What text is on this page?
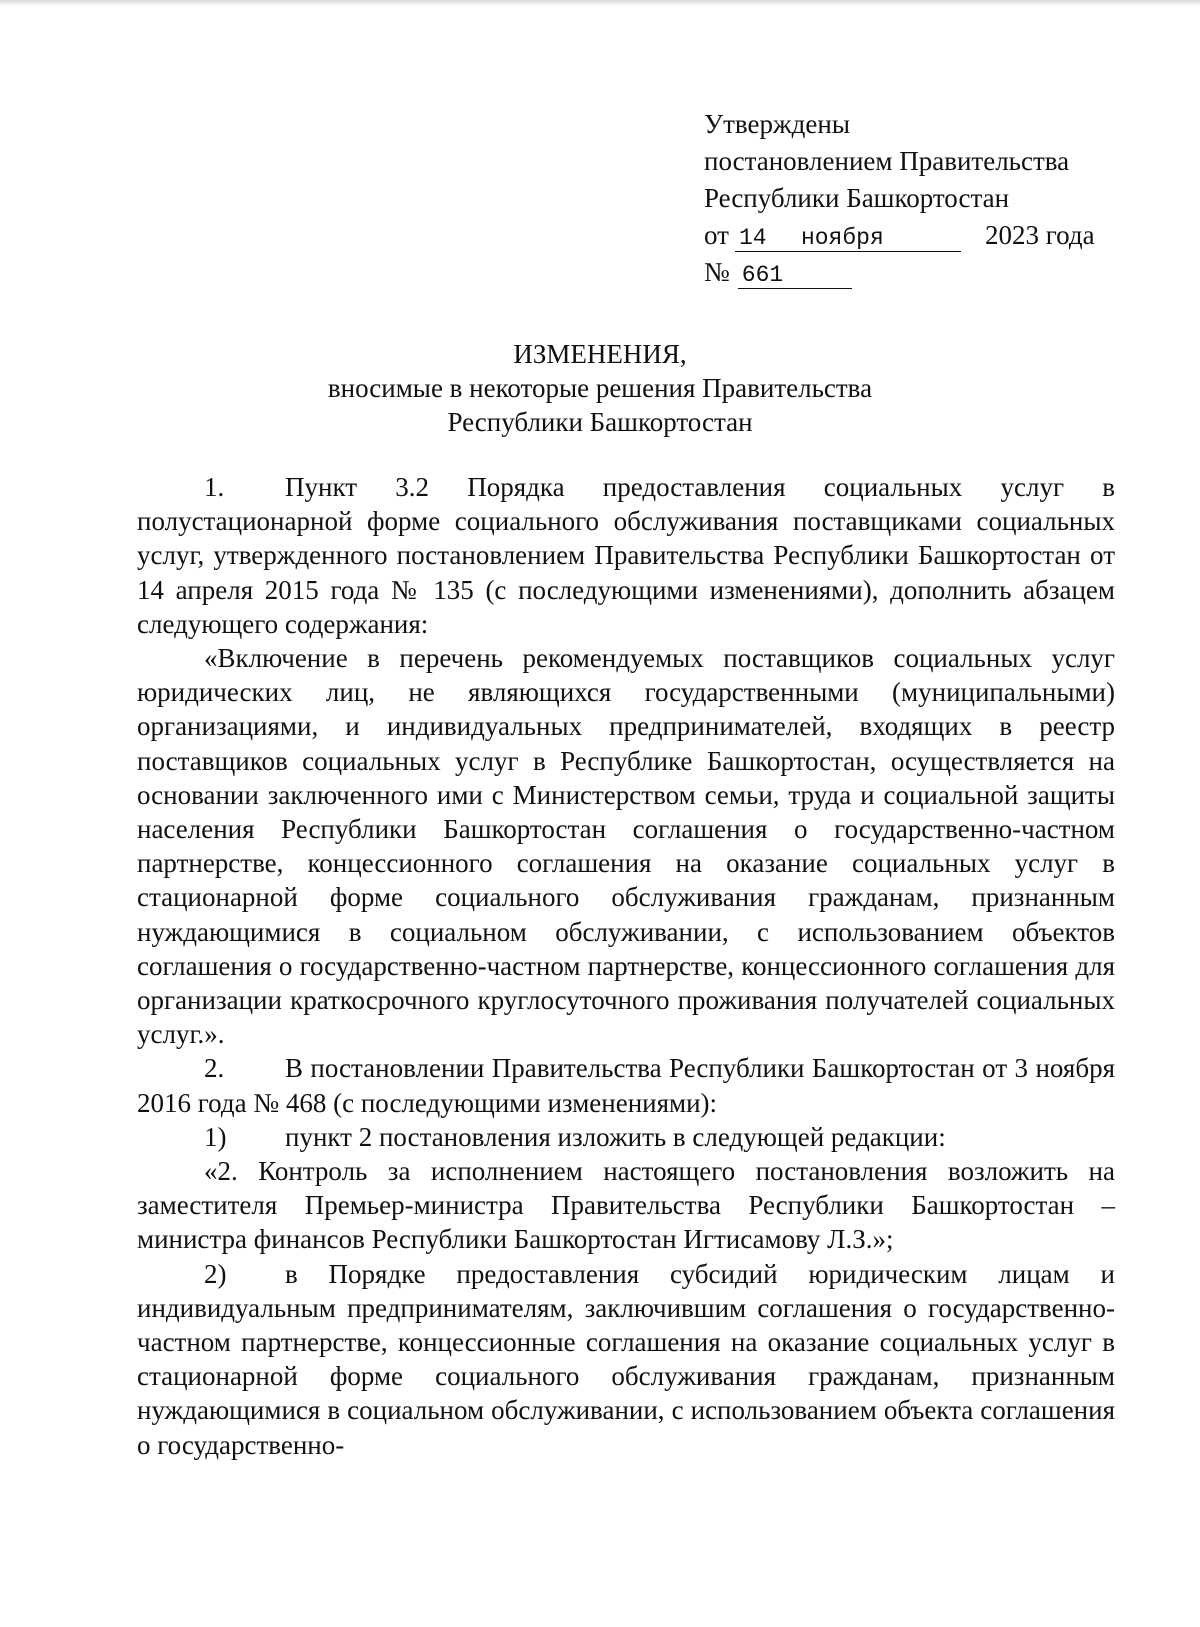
Утверждены
постановлением Правительства
Республики Башкортостан
от 14 ноября	2023 года
№ 661
ИЗМЕНЕНИЯ,
вносимые в некоторые решения Правительства
Республики Башкортостан

1. Пункт 3.2 Порядка предоставления социальных услуг в полустационарной форме социального обслуживания поставщиками социальных услуг, утвержденного постановлением Правительства Республики Башкортостан от 14 апреля 2015 года № 135 (с последующими изменениями), дополнить абзацем следующего содержания:

«Включение в перечень рекомендуемых поставщиков социальных услуг юридических лиц, не являющихся государственными (муниципальными) организациями, и индивидуальных предпринимателей, входящих в реестр поставщиков социальных услуг в Республике Башкортостан, осуществляется на основании заключенного ими с Министерством семьи, труда и социальной защиты населения Республики Башкортостан соглашения о государственно-частном партнерстве, концессионного соглашения на оказание социальных услуг в стационарной форме социального обслуживания гражданам, признанным нуждающимися в социальном обслуживании, с использованием объектов соглашения о государственно-частном партнерстве, концессионного соглашения для организации краткосрочного круглосуточного проживания получателей социальных услуг.».

2. В постановлении Правительства Республики Башкортостан от 3 ноября 2016 года № 468 (с последующими изменениями):

1) пункт 2 постановления изложить в следующей редакции:

«2. Контроль за исполнением настоящего постановления возложить на заместителя Премьер-министра Правительства Республики Башкортостан – министра финансов Республики Башкортостан Игтисамову Л.З.»;

2) в Порядке предоставления субсидий юридическим лицам и индивидуальным предпринимателям, заключившим соглашения о государственно-частном партнерстве, концессионные соглашения на оказание социальных услуг в стационарной форме социального обслуживания гражданам, признанным нуждающимися в социальном обслуживании, с использованием объекта соглашения о государственно-
